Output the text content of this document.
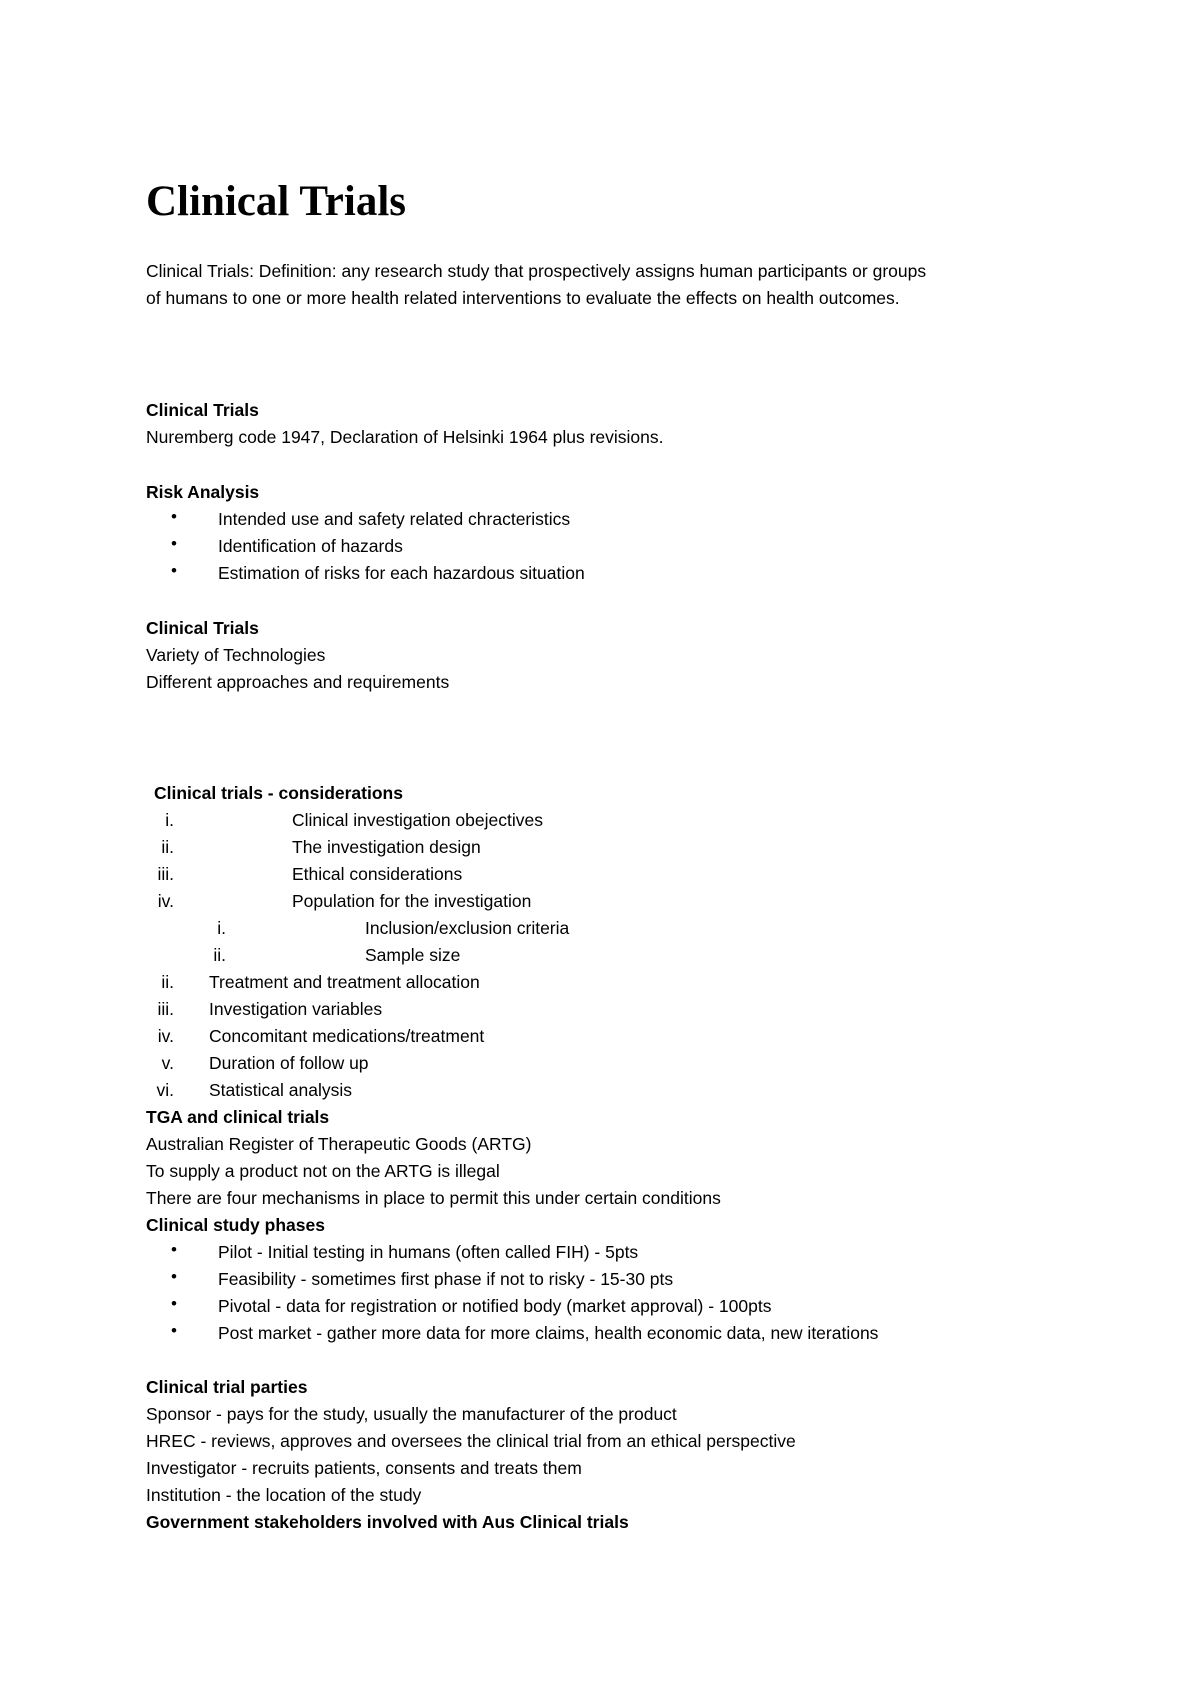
Clinical Trials
Clinical Trials: Definition: any research study that prospectively assigns human participants or groups
of humans to one or more health related interventions to evaluate the effects on health outcomes.
Clinical Trials
Nuremberg code 1947, Declaration of Helsinki 1964 plus revisions.
Risk Analysis
• Intended use and safety related chracteristics
• Identification of hazards
• Estimation of risks for each hazardous situation
Clinical Trials
Variety of Technologies
Different approaches and requirements
Clinical trials - considerations
i.	Clinical investigation obejectives
ii.	The investigation design
iii.	Ethical considerations
iv.	Population for the investigation
i.	Inclusion/exclusion criteria
ii.	Sample size
ii. Treatment and treatment allocation
iii. Investigation variables
iv. Concomitant medications/treatment
v. Duration of follow up
vi. Statistical analysis
TGA and clinical trials
Australian Register of Therapeutic Goods (ARTG)
To supply a product not on the ARTG is illegal
There are four mechanisms in place to permit this under certain conditions
Clinical study phases
• Pilot - Initial testing in humans (often called FIH) - 5pts
• Feasibility - sometimes first phase if not to risky - 15-30 pts
• Pivotal - data for registration or notified body (market approval) - 100pts
• Post market - gather more data for more claims, health economic data, new iterations
Clinical trial parties
Sponsor - pays for the study, usually the manufacturer of the product
HREC - reviews, approves and oversees the clinical trial from an ethical perspective
Investigator - recruits patients, consents and treats them
Institution - the location of the study
Government stakeholders involved with Aus Clinical trials
